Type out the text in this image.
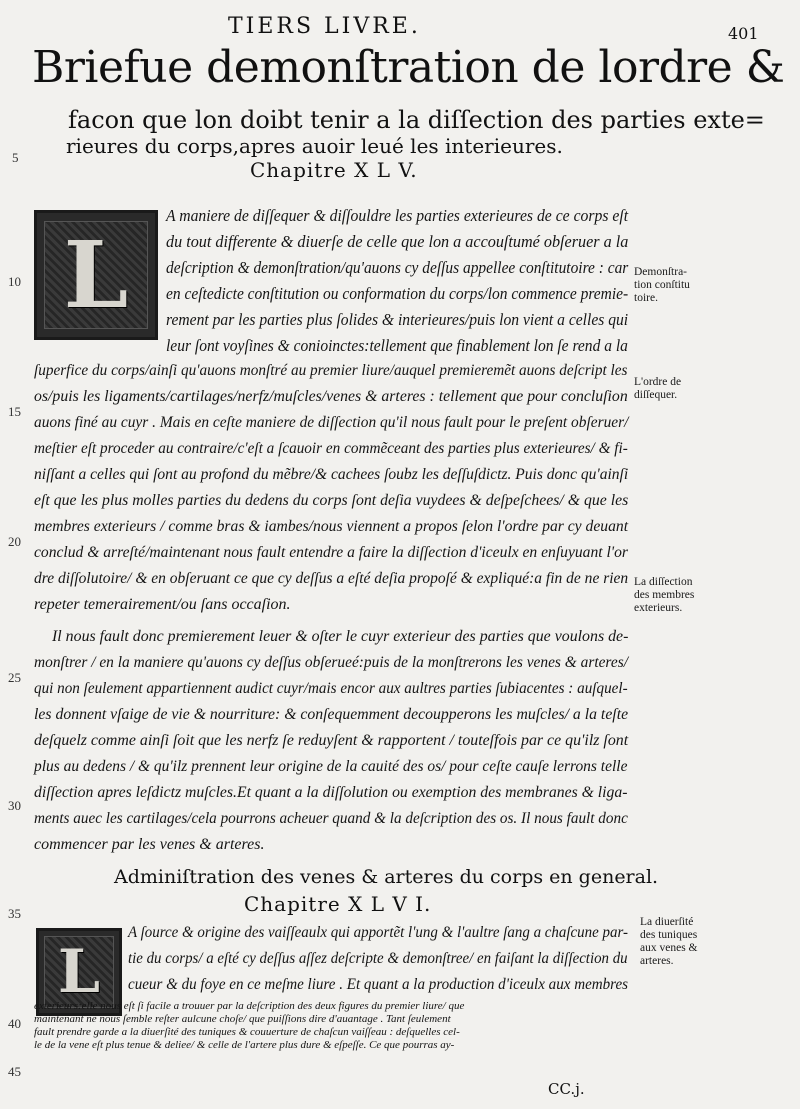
TIERS LIVRE.	401
Briefue demonſtration de lordre &
facon que lon doibt tenir a la diſſection des parties exte=
rieures du corps,apres auoir leué les interieures.
Chapitre X L V.
L
A maniere de diſſequer & diſſouldre les parties exterieures de ce corps eſt
du tout differente & diuerſe de celle que lon a accouſtumé obſeruer a la
deſcription & demonſtration/qu'auons cy deſſus appellee conſtitutoire : car
en ceſtedicte conſtitution ou conformation du corps/lon commence premie-
rement par les parties plus ſolides & interieures/puis lon vient a celles qui
leur ſont voyſines & conioinctes:tellement que finablement lon ſe rend a la
ſuperfice du corps/ainſi qu'auons monſtré au premier liure/auquel premieremẽt auons deſcript les
os/puis les ligaments/cartilages/nerfz/muſcles/venes & arteres : tellement que pour concluſion
auons finé au cuyr . Mais en ceſte maniere de diſſection qu'il nous fault pour le preſent obſeruer/
meſtier eſt proceder au contraire/c'eſt a ſcauoir en commẽceant des parties plus exterieures/ & fi-
niſſant a celles qui ſont au profond du mẽbre/& cachees ſoubz les deſſuſdictz. Puis donc qu'ainſi
eſt que les plus molles parties du dedens du corps ſont deſia vuydees & deſpeſchees/ & que les
membres exterieurs / comme bras & iambes/nous viennent a propos ſelon l'ordre par cy deuant
conclud & arreſté/maintenant nous fault entendre a faire la diſſection d'iceulx en enſuyuant l'or
dre diſſolutoire/ & en obſeruant ce que cy deſſus a eſté deſia propoſé & expliqué:a fin de ne rien
repeter temerairement/ou ſans occaſion.
Il nous fault donc premierement leuer & oſter le cuyr exterieur des parties que voulons de-
monſtrer / en la maniere qu'auons cy deſſus obſerueé:puis de la monſtrerons les venes & arteres/
qui non ſeulement appartiennent audict cuyr/mais encor aux aultres parties ſubiacentes : auſquel-
les donnent vſaige de vie & nourriture: & conſequemment decoupperons les muſcles/ a la teſte
deſquelz comme ainſi ſoit que les nerfz ſe reduyſent & rapportent / touteſfois par ce qu'ilz ſont
plus au dedens / & qu'ilz prennent leur origine de la cauité des os/ pour ceſte cauſe lerrons telle
diſſection apres leſdictz muſcles.Et quant a la diſſolution ou exemption des membranes & liga-
ments auec les cartilages/cela pourrons acheuer quand & la deſcription des os. Il nous fault donc
commencer par les venes & arteres.
Adminiſtration des venes & arteres du corps en general.
Chapitre X L V I.
L
A ſource & origine des vaiſſeaulx qui apportẽt l'ung & l'aultre ſang a chaſcune par-
tie du corps/ a eſté cy deſſus aſſez deſcripte & demonſtree/ en faiſant la diſſection du
cueur & du foye en ce meſme liure . Et quant a la production d'iceulx aux membres
exterieurs:elle nous eſt ſi facile a trouuer par la deſcription des deux figures du premier liure/ que
maintenant ne nous ſemble reſter aulcune choſe/ que puiſſions dire d'auantage . Tant ſeulement
fault prendre garde a la diuerſité des tuniques & couuerture de chaſcun vaiſſeau : deſquelles cel-
le de la vene eſt plus tenue & deliee/ & celle de l'artere plus dure & eſpeſſe. Ce que pourras ay-
5
10
15
20
25
30
35
40
45
Demonſtra-
tion conſtitu
toire.
L'ordre de
diſſequer.
La diſſection
des membres
exterieurs.
La diuerſité
des tuniques
aux venes &
arteres.
CC.j.
